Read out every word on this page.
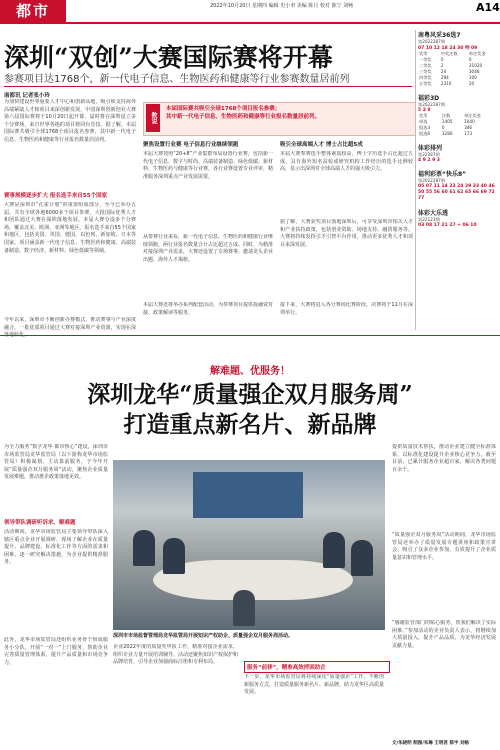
都市	2022年10月20日 星期四 编辑 史小聿 美编 陈月 校对 陈宁 刘畅	A14
深圳“双创”大赛国际赛将开幕
参赛项目达1768个，新一代电子信息、生物医药和健康等行业参赛数量居前列
南都讯 记者张小玲
为加快建设世界重要人才中心和创新高地，吸引和支持海外高端紧缺人才和项目来深创新发展，中国深圳创新创业大赛第六届国际赛将于10月20日起开幕，届时将在深圳设立多个分赛场，来自世界各地的项目将同台竞技。据了解，本届国际赛共吸引全球1768个项目报名参赛，其中新一代电子信息、生物医药和健康等行业报名数量居前列。
赛事规模逐步扩大 报名选手来自55个国家
大赛是深圳市“孔雀计划”的重要组成部分，至今已举办五届，共有全球各地6000多个项目参赛，大批国际优秀人才和团队通过大赛在深圳落地发展。本届大赛分设多个分赛场，覆盖北美、欧洲、亚洲等地区，报名选手来自55个国家和地区，包括美国、英国、德国、以色列、新加坡、日本等国家。项目涵盖新一代电子信息、生物医药和健康、高端装备制造、数字经济、新材料、绿色低碳等领域。
今年以来，深圳市不断创新办赛模式，推动赛事与产业深度融合，一批优质项目通过大赛对接深圳产业资源，实现在深
数说
本届国际赛共吸引全球1768个项目报名参赛；
其中新一代电子信息、生物医药和健康等行业报名数量居前列。
聚焦设置行业赛 电子信息行业继续领跑
本届大赛按照“20+8”产业集群布局设置行业赛，包括新一代电子信息、数字与时尚、高端装备制造、绿色低碳、新材料、生物医药与健康等行业赛，各行业赛设置专业评审，精准服务深圳重点产业发展需要。
从参赛行业来看，新一代电子信息、生物医药和健康行业继续领跑，两行业报名数量合计占比超过五成。同时，为精准对接深圳产业需求，大赛还设置了专场赛事，邀请龙头企业出题、海外人才揭榜。
本届大赛还将举办系列配套活动，为参赛项目提供投融资对接、政策解读等服务。
吸引全球高端人才 博士占比超5成
本届大赛参赛选手整体素质较高，博士学历选手占比超过五成，具有海外知名高校或研究机构工作经历的选手比例较高，显示出深圳对全球高端人才的强大吸引力。
据了解，大赛获奖项目落地深圳后，可享受深圳市相关人才和产业扶持政策，包括创业资助、场地支持、融资服务等。大赛将持续发挥引才引智平台作用，推动更多优秀人才和项目来深发展。
接下来，大赛将进入各分赛场比赛阶段，决赛将于11月在深圳举行。
南粤风采36选7
第2022287期
07 10 12 18 24 30 特 09
奖等	中奖注数	单注奖金
一等奖	0	0
二等奖	2	31020
三等奖	24	3046
四等奖	294	100
五等奖	2310	20
福彩3D
第2022287期
5 3 8
奖等	注数	单注奖金
单选	1405	1040
组选3	0	346
组选6	3280	173
体彩排列
第22287期
4 9 2 9 3
福利彩票“快乐8”
第2022287期
05 07 11 14 23 24 29 33 40 46 50 55 56 60 61 62 65 66 69 72 77
体彩大乐透
第22123期
03 08 17 21 27 + 06 10
解难题、优服务！
深圳龙华“质量强企双月服务周”
打造重点新名片、新品牌
为全力服务“数字龙华 都市核心”建设，深圳市市场监管局龙华监管局（以下简称龙华市场监管局）积极谋划、主动靠前服务，于今年开展“质量强企双月服务周”活动，聚焦企业质量发展难题，推动惠企政策落地见效。
领导带队调研听诉求、解难题
活动期间，龙华市场监管局主要领导带队深入辖区重点企业开展调研，现场了解企业在质量提升、品牌建设、标准化工作等方面的需求和困难，逐一研究解决措施，为企业提供精准服务。
此外，龙华市场监管局还组织业务骨干组成服务小分队，开展“一对一”上门服务，帮助企业完善质量管理体系，提升产品质量和市场竞争力。
深圳市市场监督管理局龙华监管局开展知识产权助企、质量强企双月服务周活动。
企业2022年度的质量奖申报工作，精准对接企业需求，组织专业力量开展培训辅导。活动还聚焦知识产权保护和品牌培育，引导企业加强商标注册和专利布局。
服务“前移”，精准高效捋困助企
下一步，龙华市场监管局将持续深化“质量强企”工作，不断创新服务方式，打造质量服务新名片、新品牌，助力龙华区高质量发展。
提供质量技术帮扶，推动企业建立健全标准体系，以标准化建设提升企业核心竞争力。截至目前，已累计服务企业超百家，解决各类问题百余个。
“质量强企双月服务周”活动期间，龙华市场监管局还举办了质量发展专题讲座和政策宣讲会，吸引了众多企业参加，有效提升了企业质量意识和管理水平。
“感谢监管部门的贴心服务，帮我们解决了实际困难。”参加活动的企业负责人表示，将继续加大质量投入，提升产品品质，为龙华经济发展贡献力量。
文/朱晓明 制图/朱琳 王明君 陈宇 刘畅
